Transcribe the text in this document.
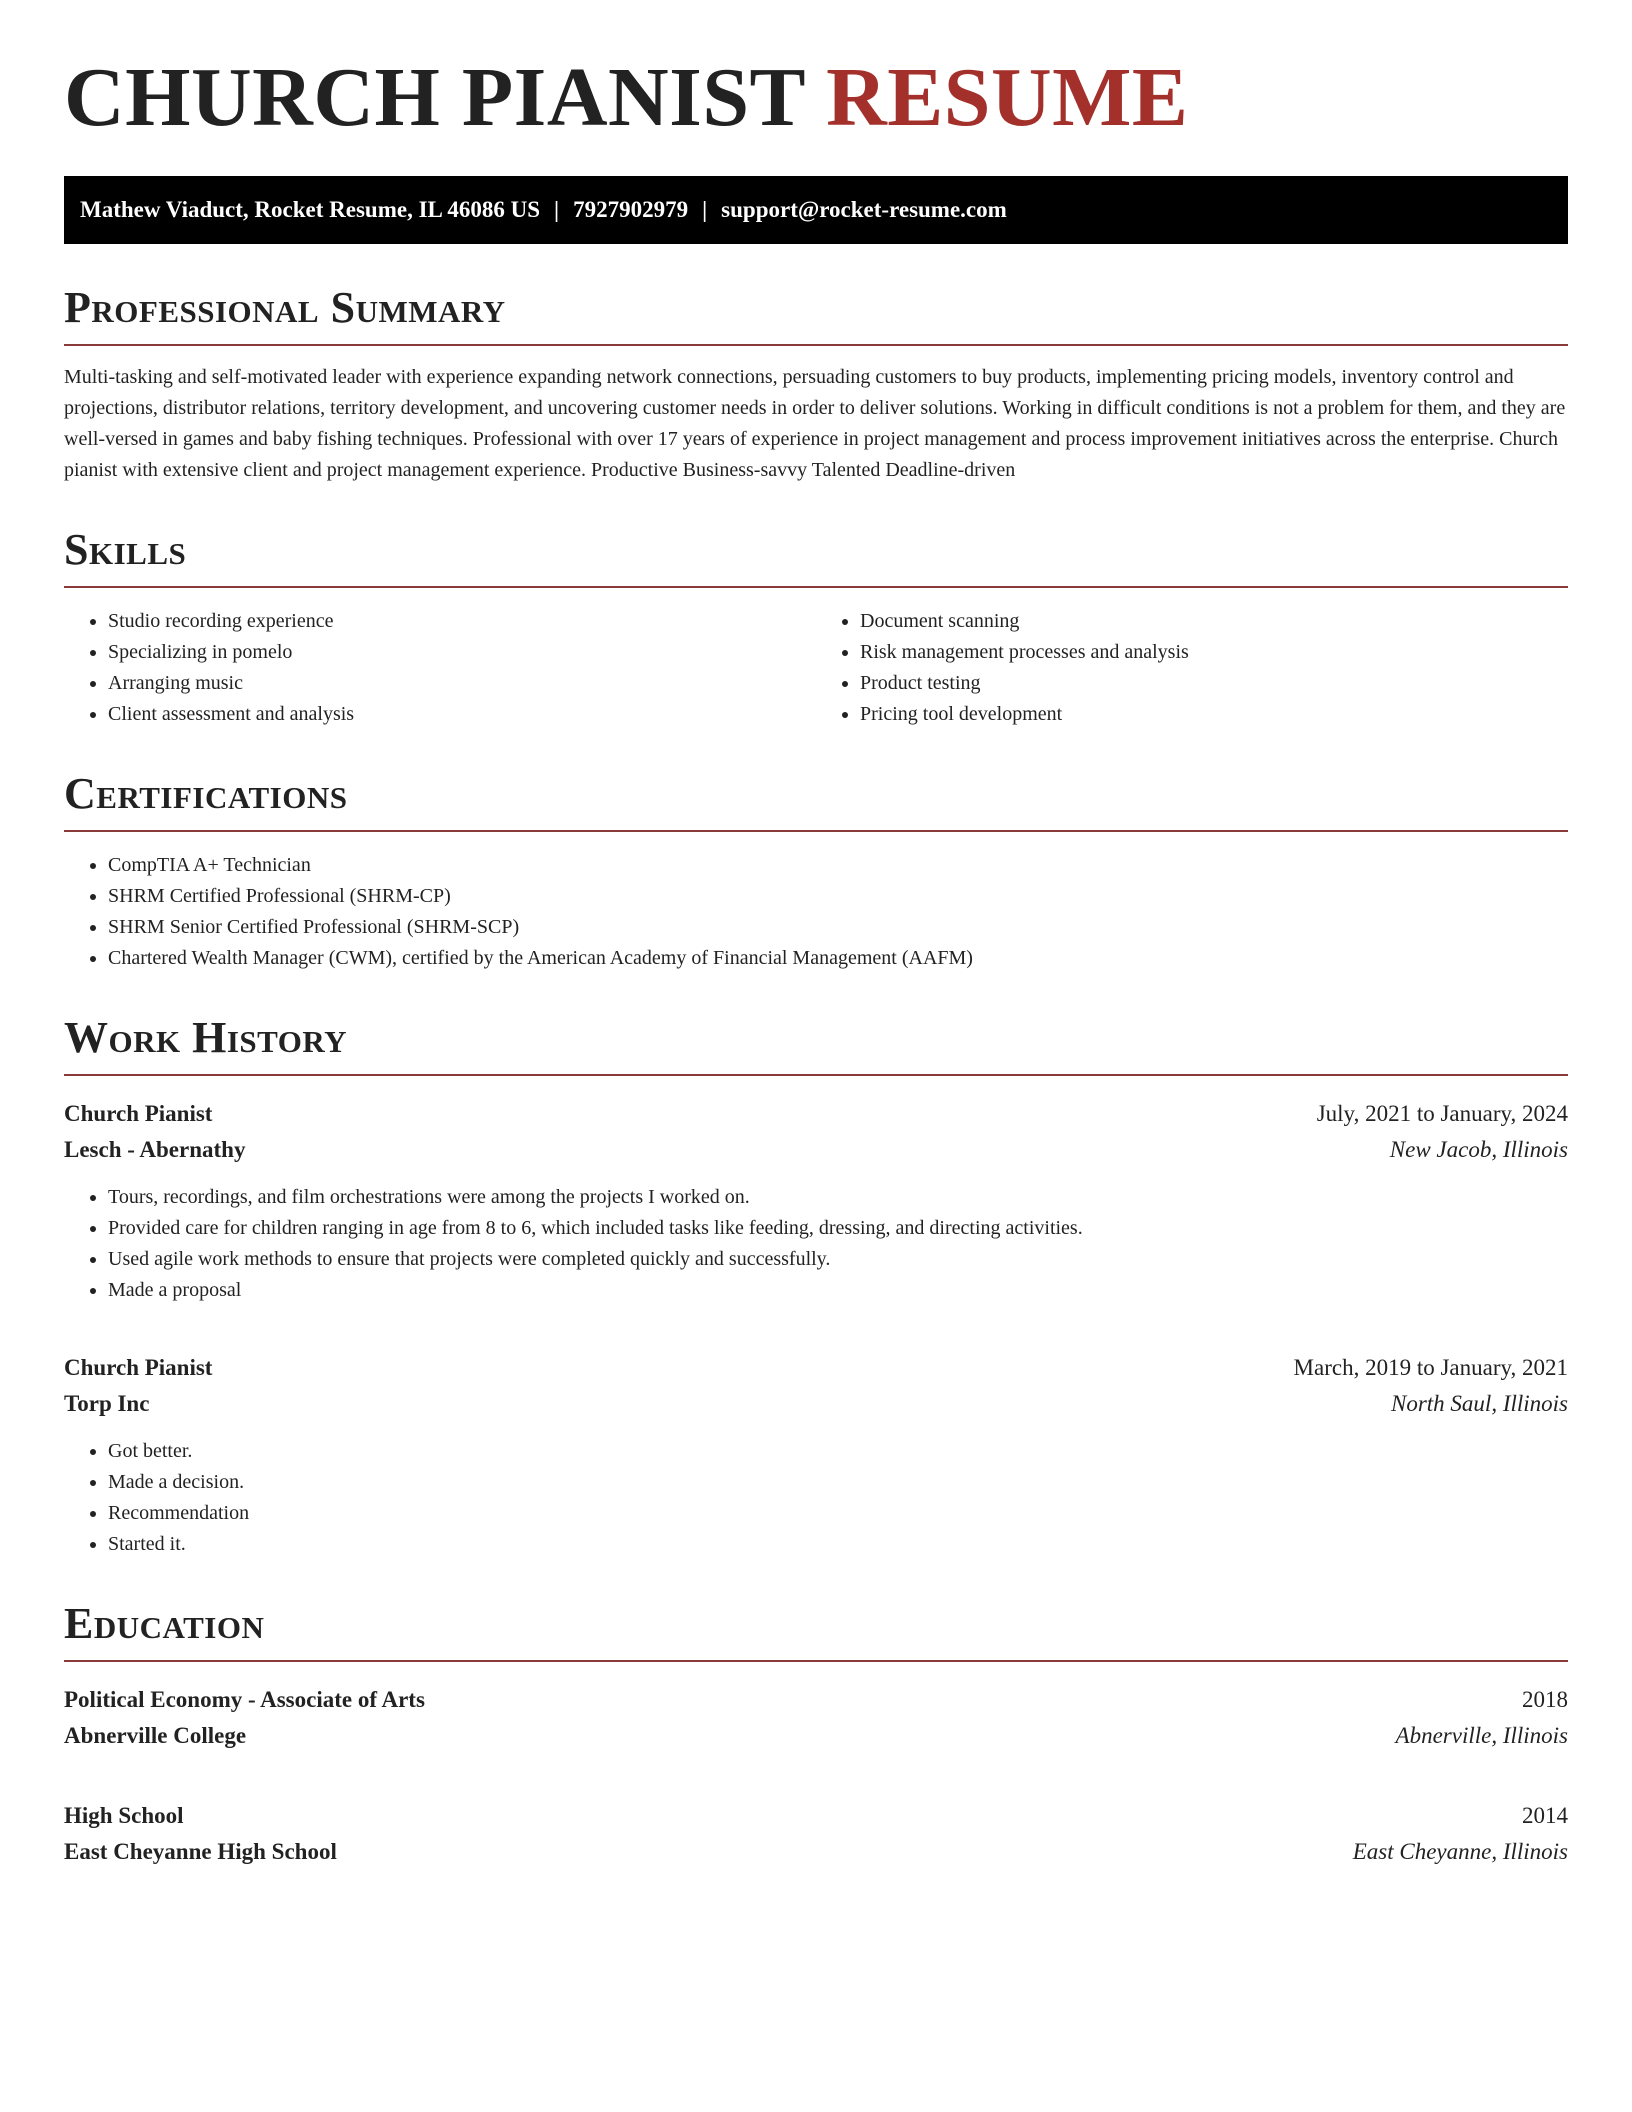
CHURCH PIANIST RESUME
Mathew Viaduct, Rocket Resume, IL 46086 US | 7927902979 | support@rocket-resume.com
Professional Summary

Multi-tasking and self-motivated leader with experience expanding network connections, persuading customers to buy products, implementing pricing models, inventory control and projections, distributor relations, territory development, and uncovering customer needs in order to deliver solutions. Working in difficult conditions is not a problem for them, and they are well-versed in games and baby fishing techniques. Professional with over 17 years of experience in project management and process improvement initiatives across the enterprise. Church pianist with extensive client and project management experience. Productive Business-savvy Talented Deadline-driven

Skills
• Studio recording experience
• Specializing in pomelo
• Arranging music
• Client assessment and analysis
• Document scanning
• Risk management processes and analysis
• Product testing
• Pricing tool development
Certifications
• CompTIA A+ Technician
• SHRM Certified Professional (SHRM-CP)
• SHRM Senior Certified Professional (SHRM-SCP)
• Chartered Wealth Manager (CWM), certified by the American Academy of Financial Management (AAFM)
Work History
Church Pianist	July, 2021 to January, 2024
Lesch - Abernathy	New Jacob, Illinois
• Tours, recordings, and film orchestrations were among the projects I worked on.
• Provided care for children ranging in age from 8 to 6, which included tasks like feeding, dressing, and directing activities.
• Used agile work methods to ensure that projects were completed quickly and successfully.
• Made a proposal
Church Pianist	March, 2019 to January, 2021
Torp Inc	North Saul, Illinois
• Got better.
• Made a decision.
• Recommendation
• Started it.
Education
Political Economy - Associate of Arts	2018
Abnerville College	Abnerville, Illinois
High School	2014
East Cheyanne High School	East Cheyanne, Illinois
